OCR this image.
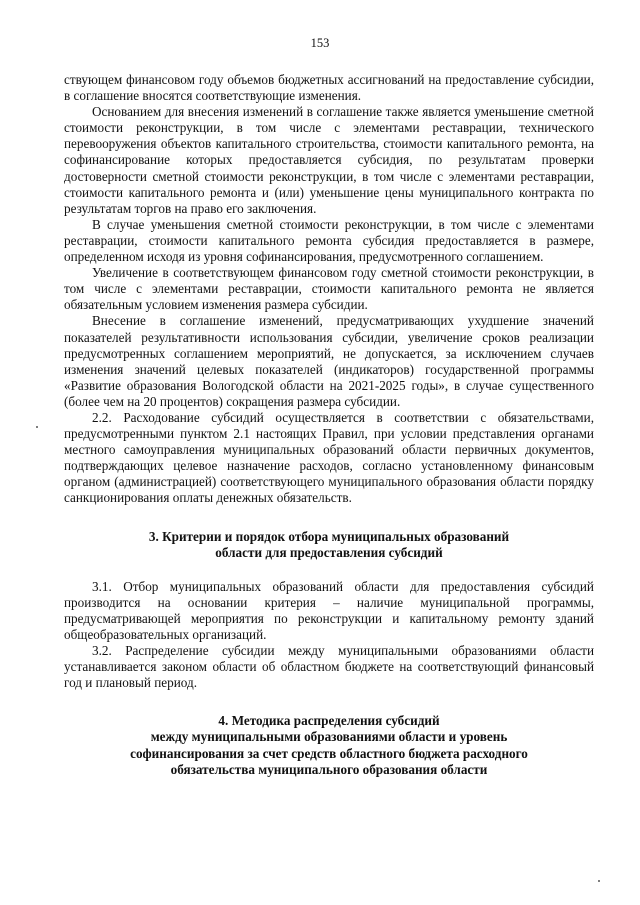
153

ствующем финансовом году объемов бюджетных ассигнований на предоставление субсидии, в соглашение вносятся соответствующие изменения.

Основанием для внесения изменений в соглашение также является уменьшение сметной стоимости реконструкции, в том числе с элементами реставрации, технического перевооружения объектов капитального строительства, стоимости капитального ремонта, на софинансирование которых предоставляется субсидия, по результатам проверки достоверности сметной стоимости реконструкции, в том числе с элементами реставрации, стоимости капитального ремонта и (или) уменьшение цены муниципального контракта по результатам торгов на право его заключения.

В случае уменьшения сметной стоимости реконструкции, в том числе с элементами реставрации, стоимости капитального ремонта субсидия предоставляется в размере, определенном исходя из уровня софинансирования, предусмотренного соглашением.

Увеличение в соответствующем финансовом году сметной стоимости реконструкции, в том числе с элементами реставрации, стоимости капитального ремонта не является обязательным условием изменения размера субсидии.

Внесение в соглашение изменений, предусматривающих ухудшение значений показателей результативности использования субсидии, увеличение сроков реализации предусмотренных соглашением мероприятий, не допускается, за исключением случаев изменения значений целевых показателей (индикаторов) государственной программы «Развитие образования Вологодской области на 2021-2025 годы», в случае существенного (более чем на 20 процентов) сокращения размера субсидии.

2.2. Расходование субсидий осуществляется в соответствии с обязательствами, предусмотренными пунктом 2.1 настоящих Правил, при условии представления органами местного самоуправления муниципальных образований области первичных документов, подтверждающих целевое назначение расходов, согласно установленному финансовым органом (администрацией) соответствующего муниципального образования области порядку санкционирования оплаты денежных обязательств.

3. Критерии и порядок отбора муниципальных образований

области для предоставления субсидий

3.1. Отбор муниципальных образований области для предоставления субсидий производится на основании критерия – наличие муниципальной программы, предусматривающей мероприятия по реконструкции и капитальному ремонту зданий общеобразовательных организаций.

3.2. Распределение субсидии между муниципальными образованиями области устанавливается законом области об областном бюджете на соответствующий финансовый год и плановый период.

4. Методика распределения субсидий

между муниципальными образованиями области и уровень

софинансирования за счет средств областного бюджета расходного

обязательства муниципального образования области
